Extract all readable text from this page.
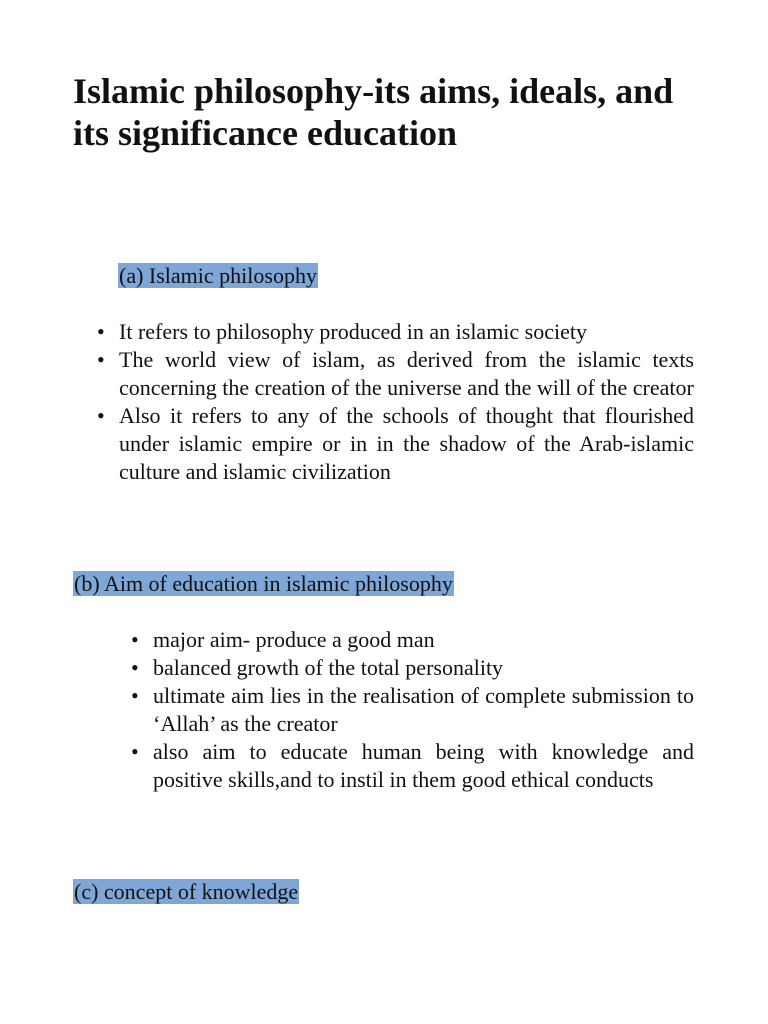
Islamic philosophy-its aims, ideals, and its significance education
(a) Islamic philosophy
• It refers to philosophy produced in an islamic society
• The world view of islam, as derived from the islamic texts concerning the creation of the universe and the will of the creator
• Also it refers to any of the schools of thought that flourished under islamic empire or in in the shadow of the Arab-islamic culture and islamic civilization
(b) Aim of education in islamic philosophy
• major aim- produce a good man
• balanced growth of the total personality
• ultimate aim lies in the realisation of complete submission to ‘Allah’ as the creator
• also aim to educate human being with knowledge and positive skills,and to instil in them good ethical conducts
(c) concept of knowledge
